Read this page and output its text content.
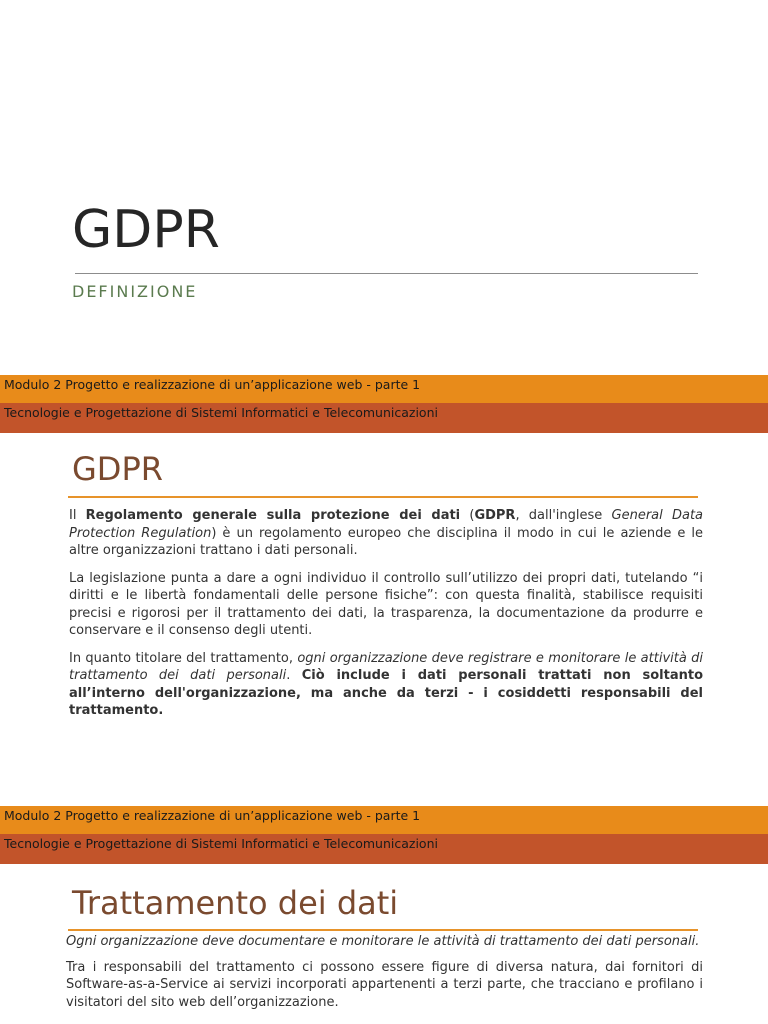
GDPR
DEFINIZIONE
Modulo 2 Progetto e realizzazione di un’applicazione web - parte 1
Tecnologie e Progettazione di Sistemi Informatici e Telecomunicazioni
GDPR

Il Regolamento generale sulla protezione dei dati (GDPR, dall'inglese General Data Protection Regulation) è un regolamento europeo che disciplina il modo in cui le aziende e le altre organizzazioni trattano i dati personali.

La legislazione punta a dare a ogni individuo il controllo sull’utilizzo dei propri dati, tutelando “i diritti e le libertà fondamentali delle persone fisiche”: con questa finalità, stabilisce requisiti precisi e rigorosi per il trattamento dei dati, la trasparenza, la documentazione da produrre e conservare e il consenso degli utenti.

In quanto titolare del trattamento, ogni organizzazione deve registrare e monitorare le attività di trattamento dei dati personali. Ciò include i dati personali trattati non soltanto all’interno dell'organizzazione, ma anche da terzi - i cosiddetti responsabili del trattamento.

Modulo 2 Progetto e realizzazione di un’applicazione web - parte 1
Tecnologie e Progettazione di Sistemi Informatici e Telecomunicazioni
Trattamento dei dati

Ogni organizzazione deve documentare e monitorare le attività di trattamento dei dati personali.

Tra i responsabili del trattamento ci possono essere figure di diversa natura, dai fornitori di Software-as-a-Service ai servizi incorporati appartenenti a terzi parte, che tracciano e profilano i visitatori del sito web dell’organizzazione.
